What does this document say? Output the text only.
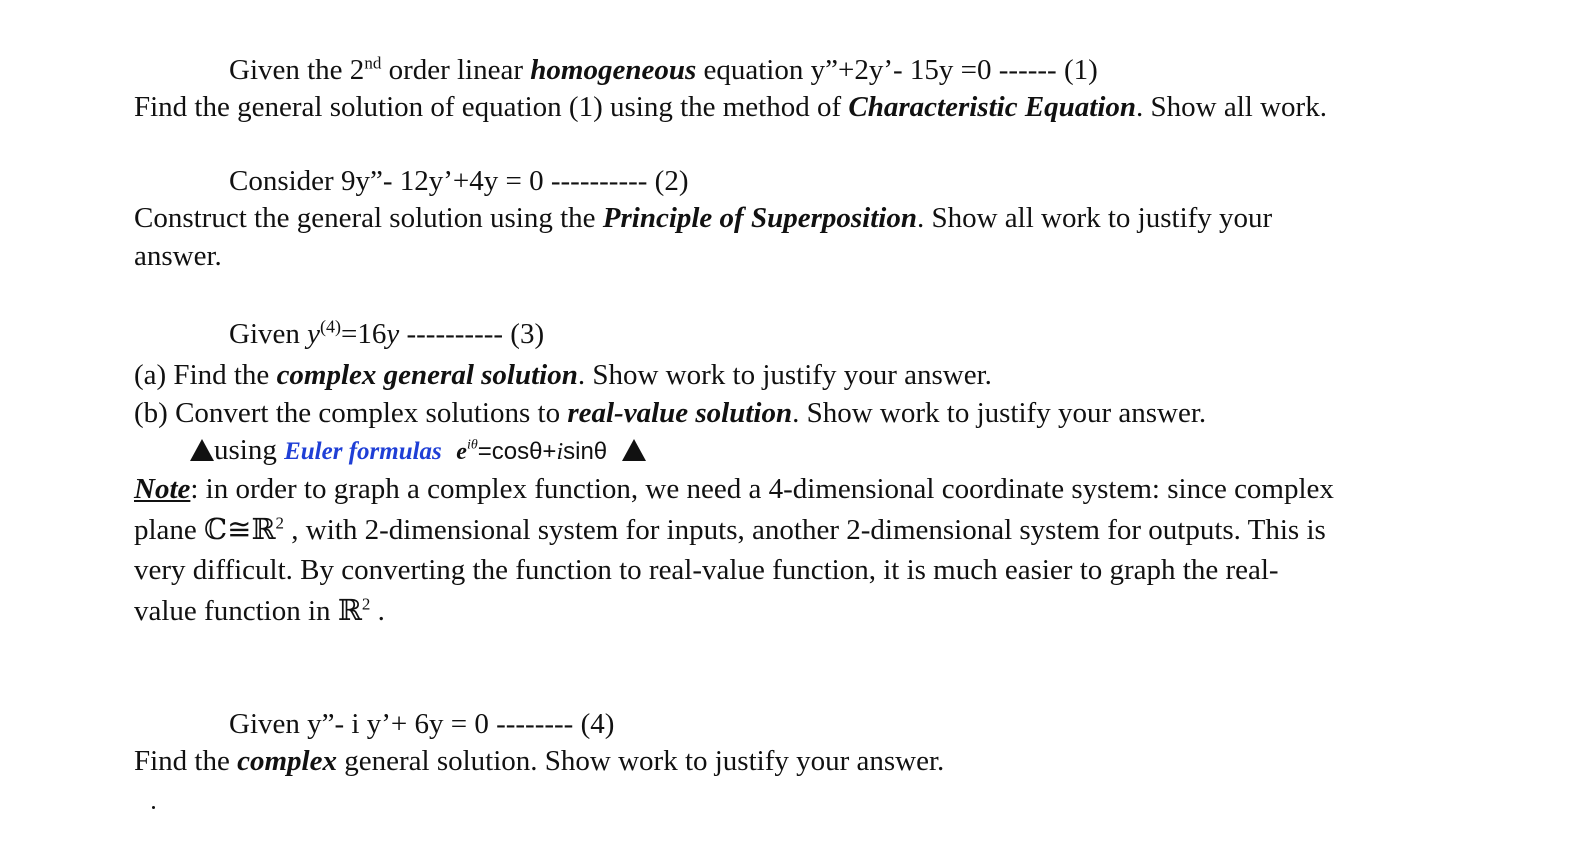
Given the 2nd order linear homogeneous equation y”+2y’- 15y =0 ------ (1)
Find the general solution of equation (1) using the method of Characteristic Equation. Show all work.
Consider 9y”- 12y’+4y = 0 ---------- (2)
Construct the general solution using the Principle of Superposition. Show all work to justify your
answer.
Given $y^{(4)}=16y$ ---------- (3)
(a) Find the complex general solution. Show work to justify your answer.
(b) Convert the complex solutions to real-value solution. Show work to justify your answer.
using Euler formulas $e^{i\theta}=\cos\theta+isin\theta$
Note: in order to graph a complex function, we need a 4-dimensional coordinate system: since complex
plane ℂ≅ℝ$^2$ , with 2-dimensional system for inputs, another 2-dimensional system for outputs. This is
very difficult. By converting the function to real-value function, it is much easier to graph the real-
value function in ℝ$^2$ .
Given y”- i y’+ 6y = 0 -------- (4)
Find the complex general solution. Show work to justify your answer.
